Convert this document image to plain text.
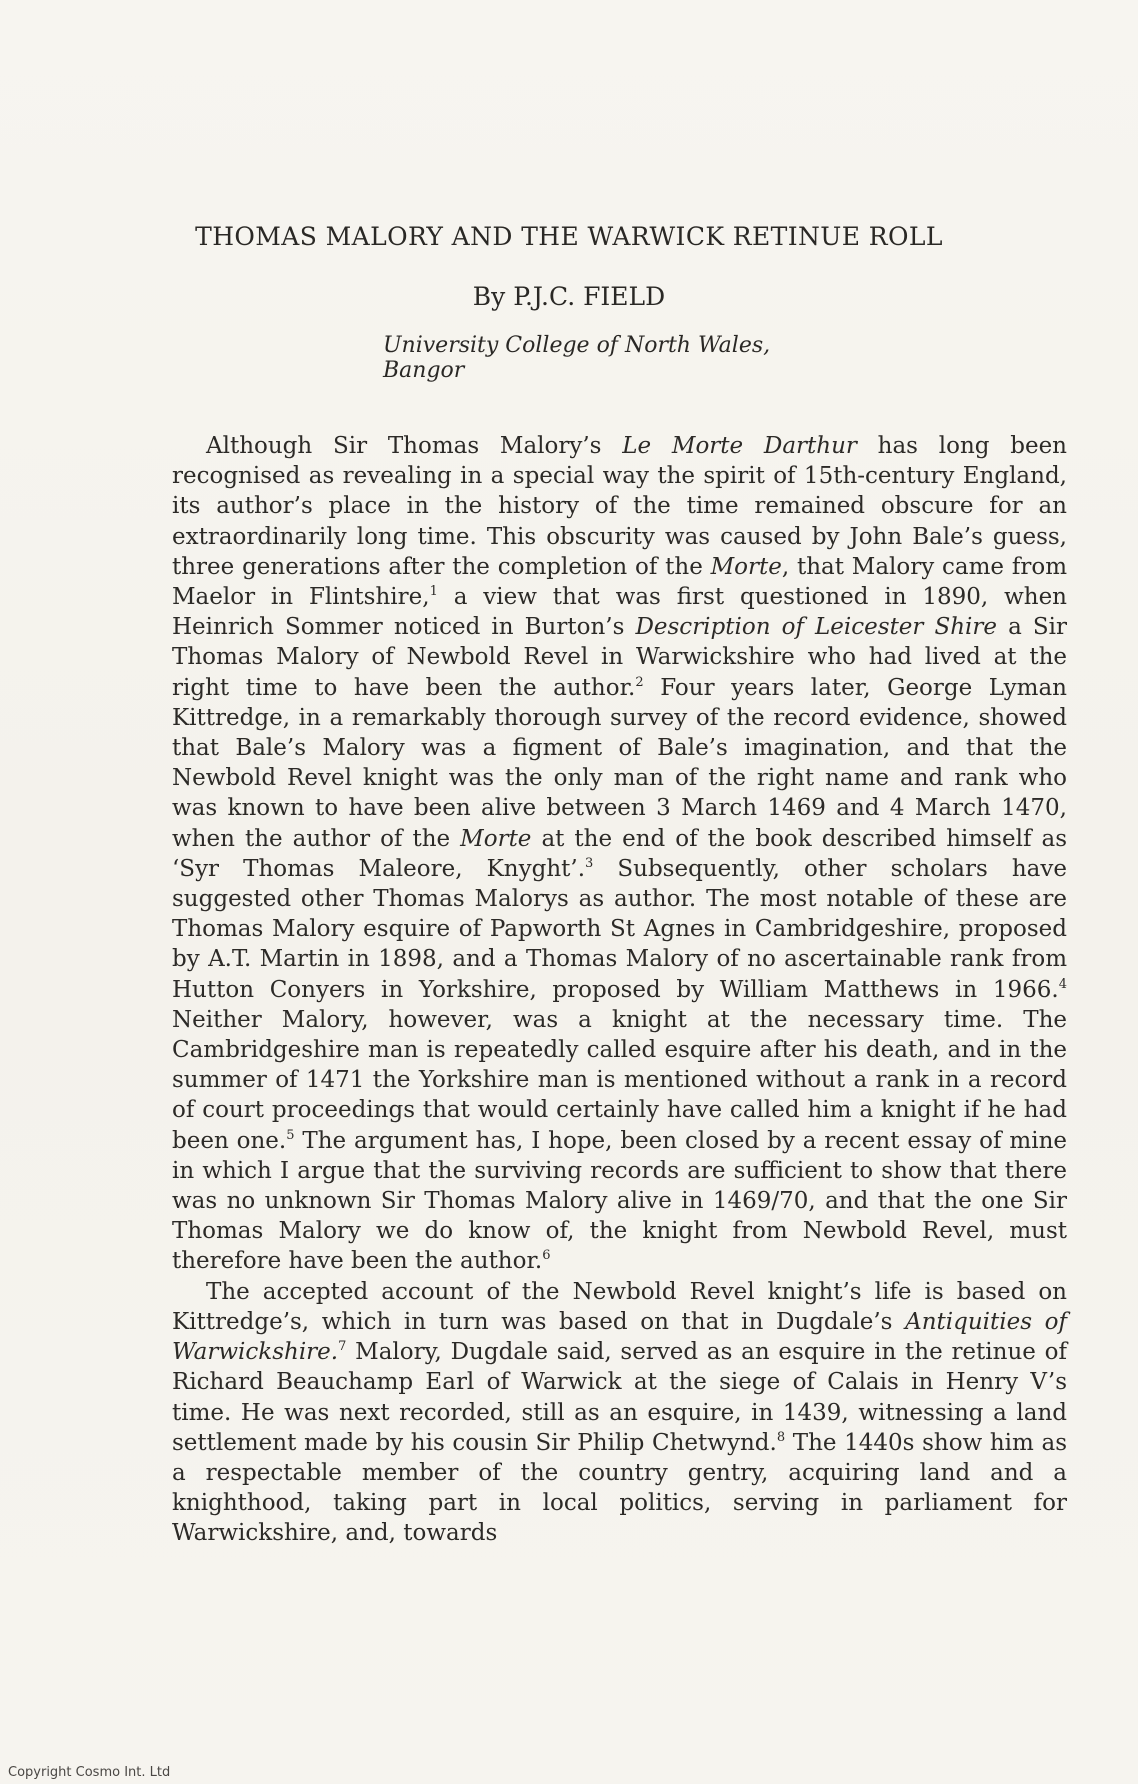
THOMAS MALORY AND THE WARWICK RETINUE ROLL
By P.J.C. FIELD
University College of North Wales, Bangor

Although Sir Thomas Malory’s Le Morte Darthur has long been recognised as revealing in a special way the spirit of 15th-century England, its author’s place in the history of the time remained obscure for an extraordinarily long time. This obscurity was caused by John Bale’s guess, three generations after the completion of the Morte, that Malory came from Maelor in Flintshire,$^1$ a view that was first questioned in 1890, when Heinrich Sommer noticed in Burton’s Description of Leicester Shire a Sir Thomas Malory of Newbold Revel in Warwickshire who had lived at the right time to have been the author.$^2$ Four years later, George Lyman Kittredge, in a remarkably thorough survey of the record evidence, showed that Bale’s Malory was a figment of Bale’s imagination, and that the Newbold Revel knight was the only man of the right name and rank who was known to have been alive between 3 March 1469 and 4 March 1470, when the author of the Morte at the end of the book described himself as ‘Syr Thomas Maleore, Knyght’.$^3$ Subsequently, other scholars have suggested other Thomas Malorys as author. The most notable of these are Thomas Malory esquire of Papworth St Agnes in Cambridgeshire, proposed by A.T. Martin in 1898, and a Thomas Malory of no ascertainable rank from Hutton Conyers in Yorkshire, proposed by William Matthews in 1966.$^4$ Neither Malory, however, was a knight at the necessary time. The Cambridgeshire man is repeatedly called esquire after his death, and in the summer of 1471 the Yorkshire man is mentioned without a rank in a record of court proceedings that would certainly have called him a knight if he had been one.$^5$ The argument has, I hope, been closed by a recent essay of mine in which I argue that the surviving records are sufficient to show that there was no unknown Sir Thomas Malory alive in 1469/70, and that the one Sir Thomas Malory we do know of, the knight from Newbold Revel, must therefore have been the author.$^6$

The accepted account of the Newbold Revel knight’s life is based on Kittredge’s, which in turn was based on that in Dugdale’s Antiquities of Warwickshire.$^7$ Malory, Dugdale said, served as an esquire in the retinue of Richard Beauchamp Earl of Warwick at the siege of Calais in Henry V’s time. He was next recorded, still as an esquire, in 1439, witnessing a land settlement made by his cousin Sir Philip Chetwynd.$^8$ The 1440s show him as a respectable member of the country gentry, acquiring land and a knighthood, taking part in local politics, serving in parliament for Warwickshire, and, towards

Copyright Cosmo Int. Ltd
